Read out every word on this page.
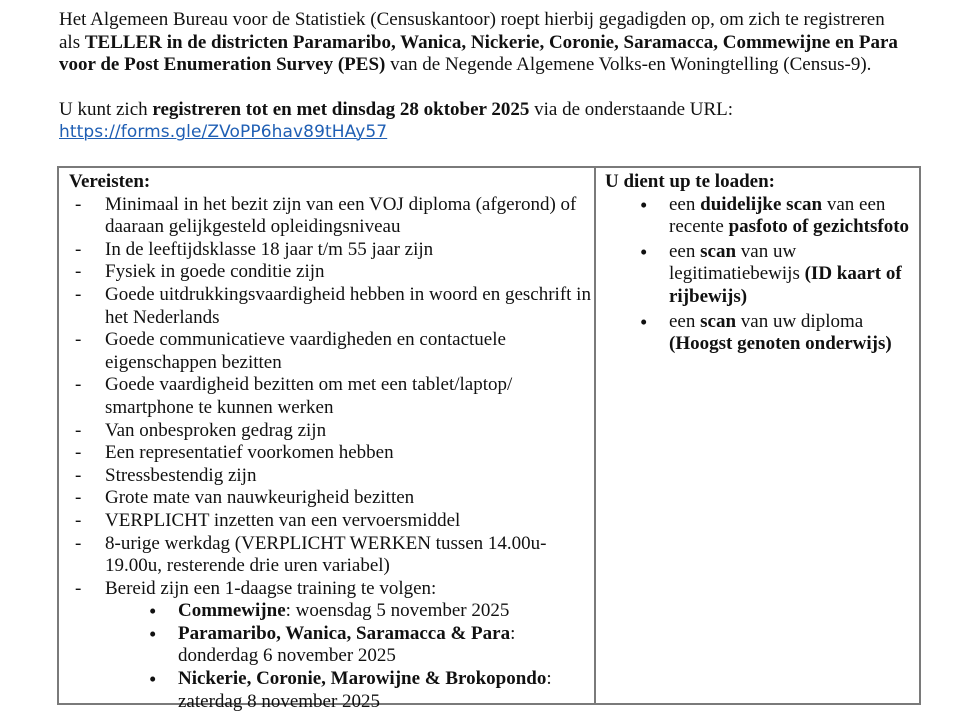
Het Algemeen Bureau voor de Statistiek (Censuskantoor) roept hierbij gegadigden op, om zich te registreren

als TELLER in de districten Paramaribo, Wanica, Nickerie, Coronie, Saramacca, Commewijne en Para

voor de Post Enumeration Survey (PES) van de Negende Algemene Volks-en Woningtelling (Census-9).

U kunt zich registreren tot en met dinsdag 28 oktober 2025 via de onderstaande URL:

https://forms.gle/ZVoPP6hav89tHAy57

Vereisten:

- Minimaal in het bezit zijn van een VOJ diploma (afgerond) of daaraan gelijkgesteld opleidingsniveau
- In de leeftijdsklasse 18 jaar t/m 55 jaar zijn
- Fysiek in goede conditie zijn
- Goede uitdrukkingsvaardigheid hebben in woord en geschrift in het Nederlands
- Goede communicatieve vaardigheden en contactuele eigenschappen bezitten
- Goede vaardigheid bezitten om met een tablet/laptop/ smartphone te kunnen werken
- Van onbesproken gedrag zijn
- Een representatief voorkomen hebben
- Stressbestendig zijn
- Grote mate van nauwkeurigheid bezitten
- VERPLICHT inzetten van een vervoersmiddel
- 8-urige werkdag (VERPLICHT WERKEN tussen 14.00u-19.00u, resterende drie uren variabel)
- Bereid zijn een 1-daagse training te volgen:
• Commewijne: woensdag 5 november 2025
• Paramaribo, Wanica, Saramacca & Para: donderdag 6 november 2025
• Nickerie, Coronie, Marowijne & Brokopondo: zaterdag 8 november 2025

U dient up te loaden:

• een duidelijke scan van een recente pasfoto of gezichtsfoto
• een scan van uw legitimatiebewijs (ID kaart of rijbewijs)
• een scan van uw diploma (Hoogst genoten onderwijs)
